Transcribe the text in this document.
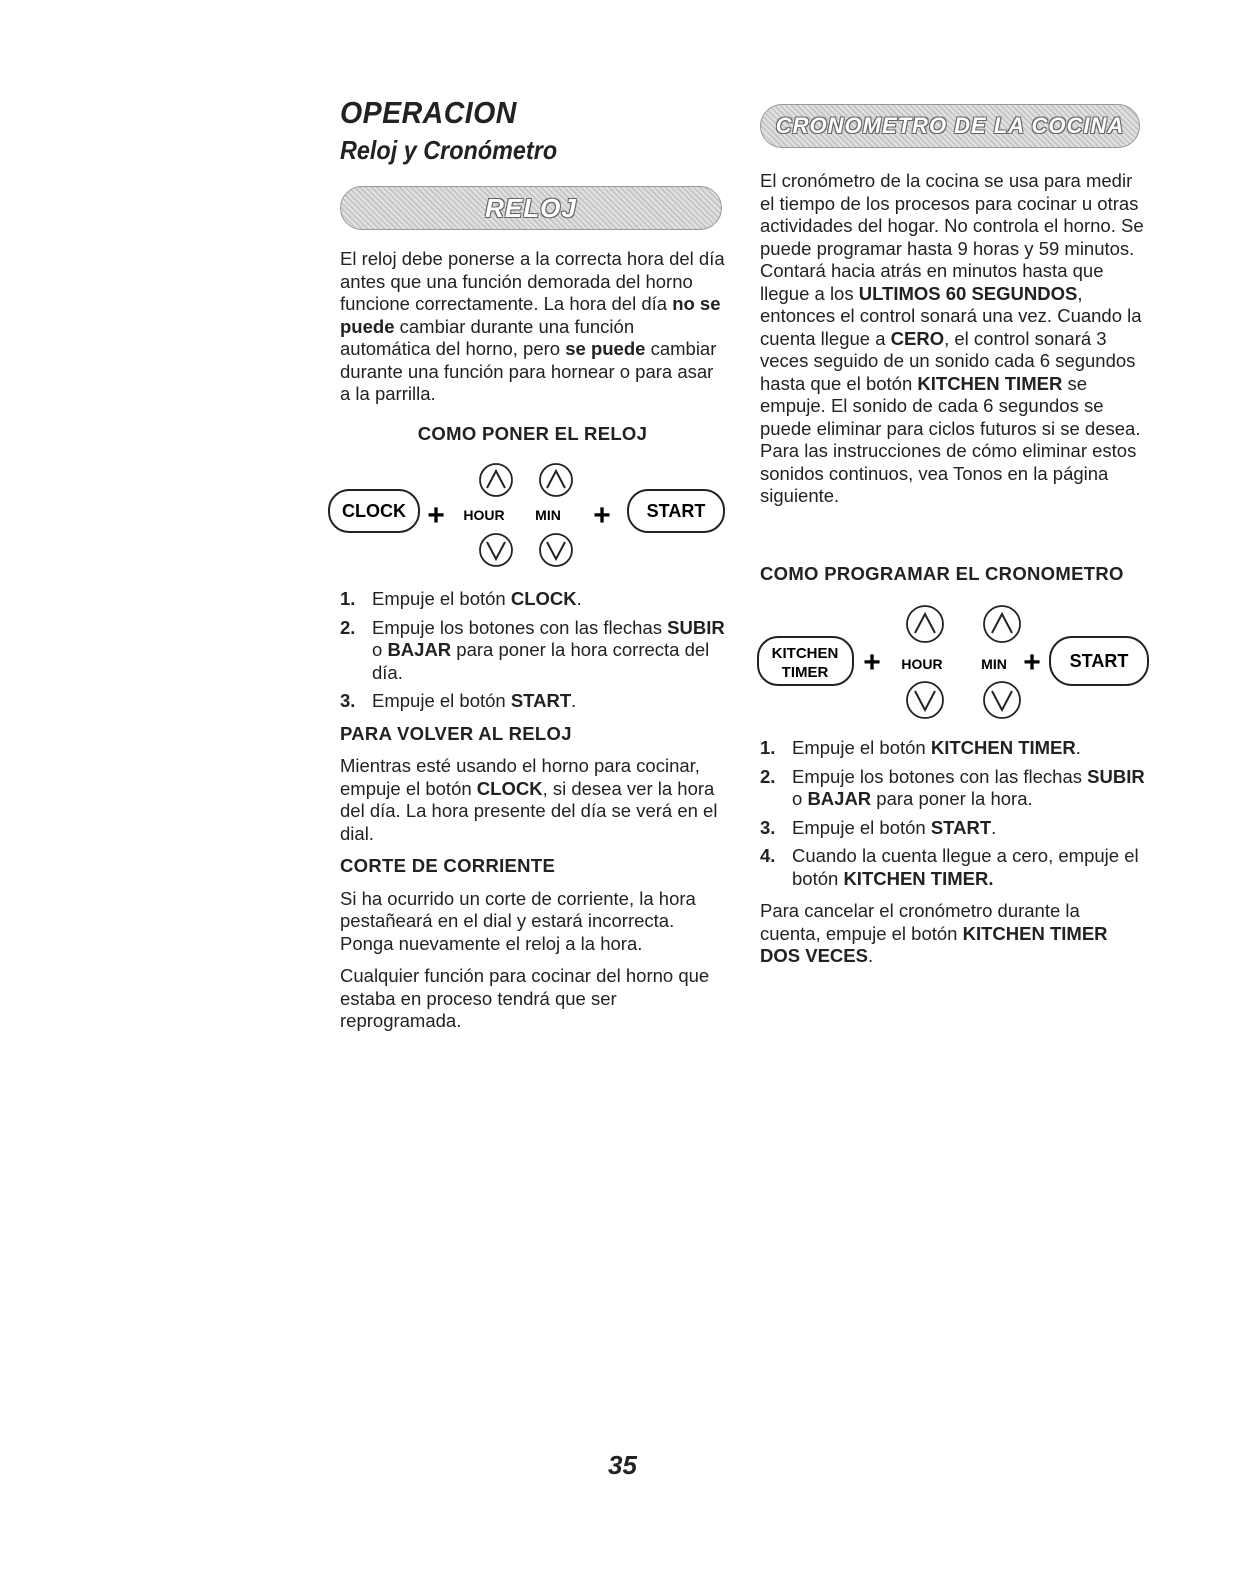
OPERACION
Reloj y Cronómetro
RELOJ

El reloj debe ponerse a la correcta hora del día antes que una función demorada del horno funcione correctamente. La hora del día no se puede cambiar durante una función automática del horno, pero se puede cambiar durante una función para hornear o para asar a la parrilla.

COMO PONER EL RELOJ
CLOCK + HOUR MIN + START
1. Empuje el botón CLOCK.
2. Empuje los botones con las flechas SUBIR o BAJAR para poner la hora correcta del día.
3. Empuje el botón START.
PARA VOLVER AL RELOJ

Mientras esté usando el horno para cocinar, empuje el botón CLOCK, si desea ver la hora del día. La hora presente del día se verá en el dial.

CORTE DE CORRIENTE

Si ha ocurrido un corte de corriente, la hora pestañeará en el dial y estará incorrecta. Ponga nuevamente el reloj a la hora.

Cualquier función para cocinar del horno que estaba en proceso tendrá que ser reprogramada.

CRONOMETRO DE LA COCINA

El cronómetro de la cocina se usa para medir el tiempo de los procesos para cocinar u otras actividades del hogar. No controla el horno. Se puede programar hasta 9 horas y 59 minutos. Contará hacia atrás en minutos hasta que llegue a los ULTIMOS 60 SEGUNDOS, entonces el control sonará una vez. Cuando la cuenta llegue a CERO, el control sonará 3 veces seguido de un sonido cada 6 segundos hasta que el botón KITCHEN TIMER se empuje. El sonido de cada 6 segundos se puede eliminar para ciclos futuros si se desea. Para las instrucciones de cómo eliminar estos sonidos continuos, vea Tonos en la página siguiente.

COMO PROGRAMAR EL CRONOMETRO
KITCHEN
TIMER + HOUR	MIN + START
1. Empuje el botón KITCHEN TIMER.
2. Empuje los botones con las flechas SUBIR o BAJAR para poner la hora.
3. Empuje el botón START.
4. Cuando la cuenta llegue a cero, empuje el botón KITCHEN TIMER.

Para cancelar el cronómetro durante la cuenta, empuje el botón KITCHEN TIMER DOS VECES.

35
